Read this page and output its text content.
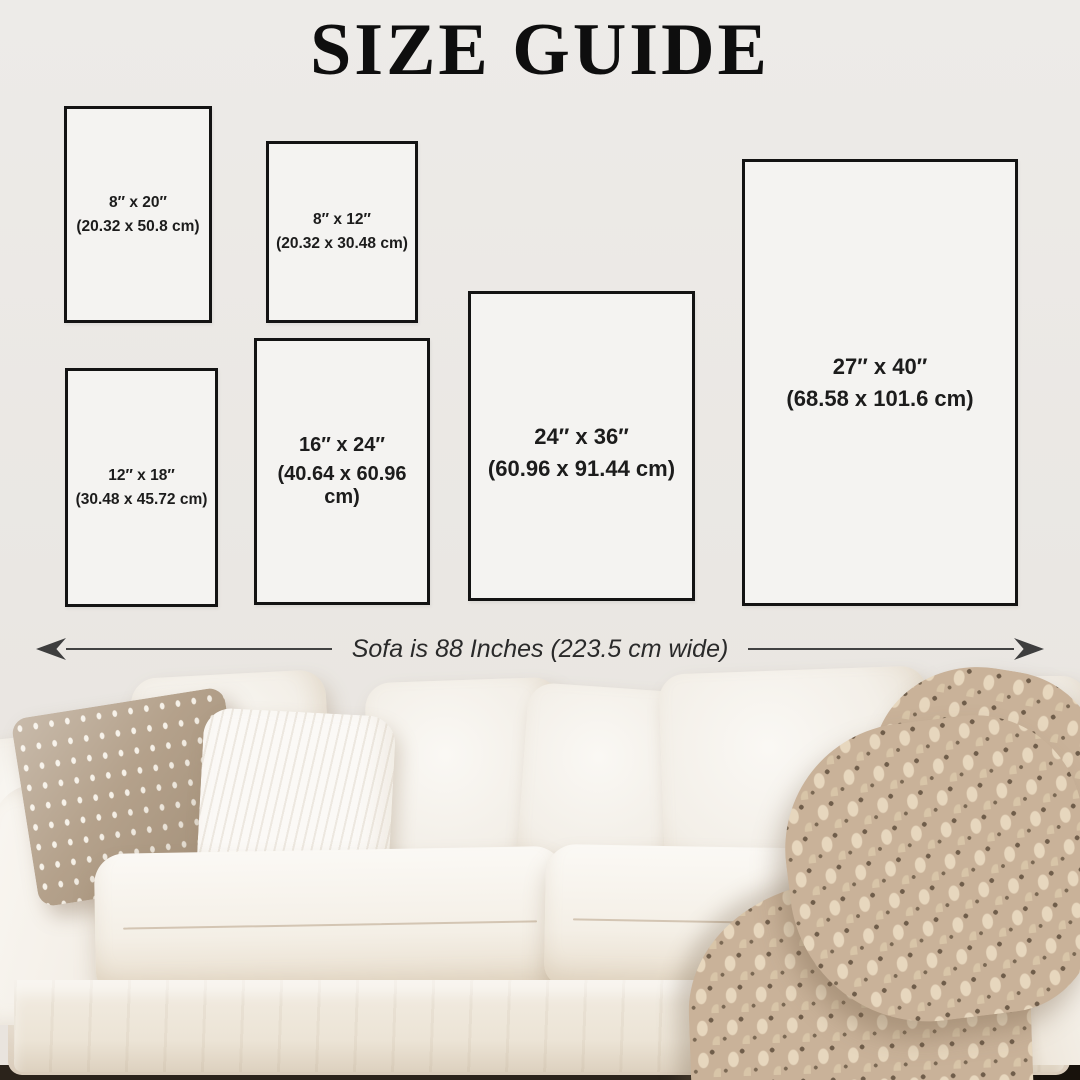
SIZE GUIDE
8″ x 20″
(20.32 x 50.8 cm)	8″ x 12″
(20.32 x 30.48 cm)
12″ x 18″
(30.48 x 45.72 cm)
16″ x 24″
(40.64 x 60.96 cm)
24″ x 36″
(60.96 x 91.44 cm)
27″ x 40″
(68.58 x 101.6 cm)
Sofa is 88 Inches (223.5 cm wide)
